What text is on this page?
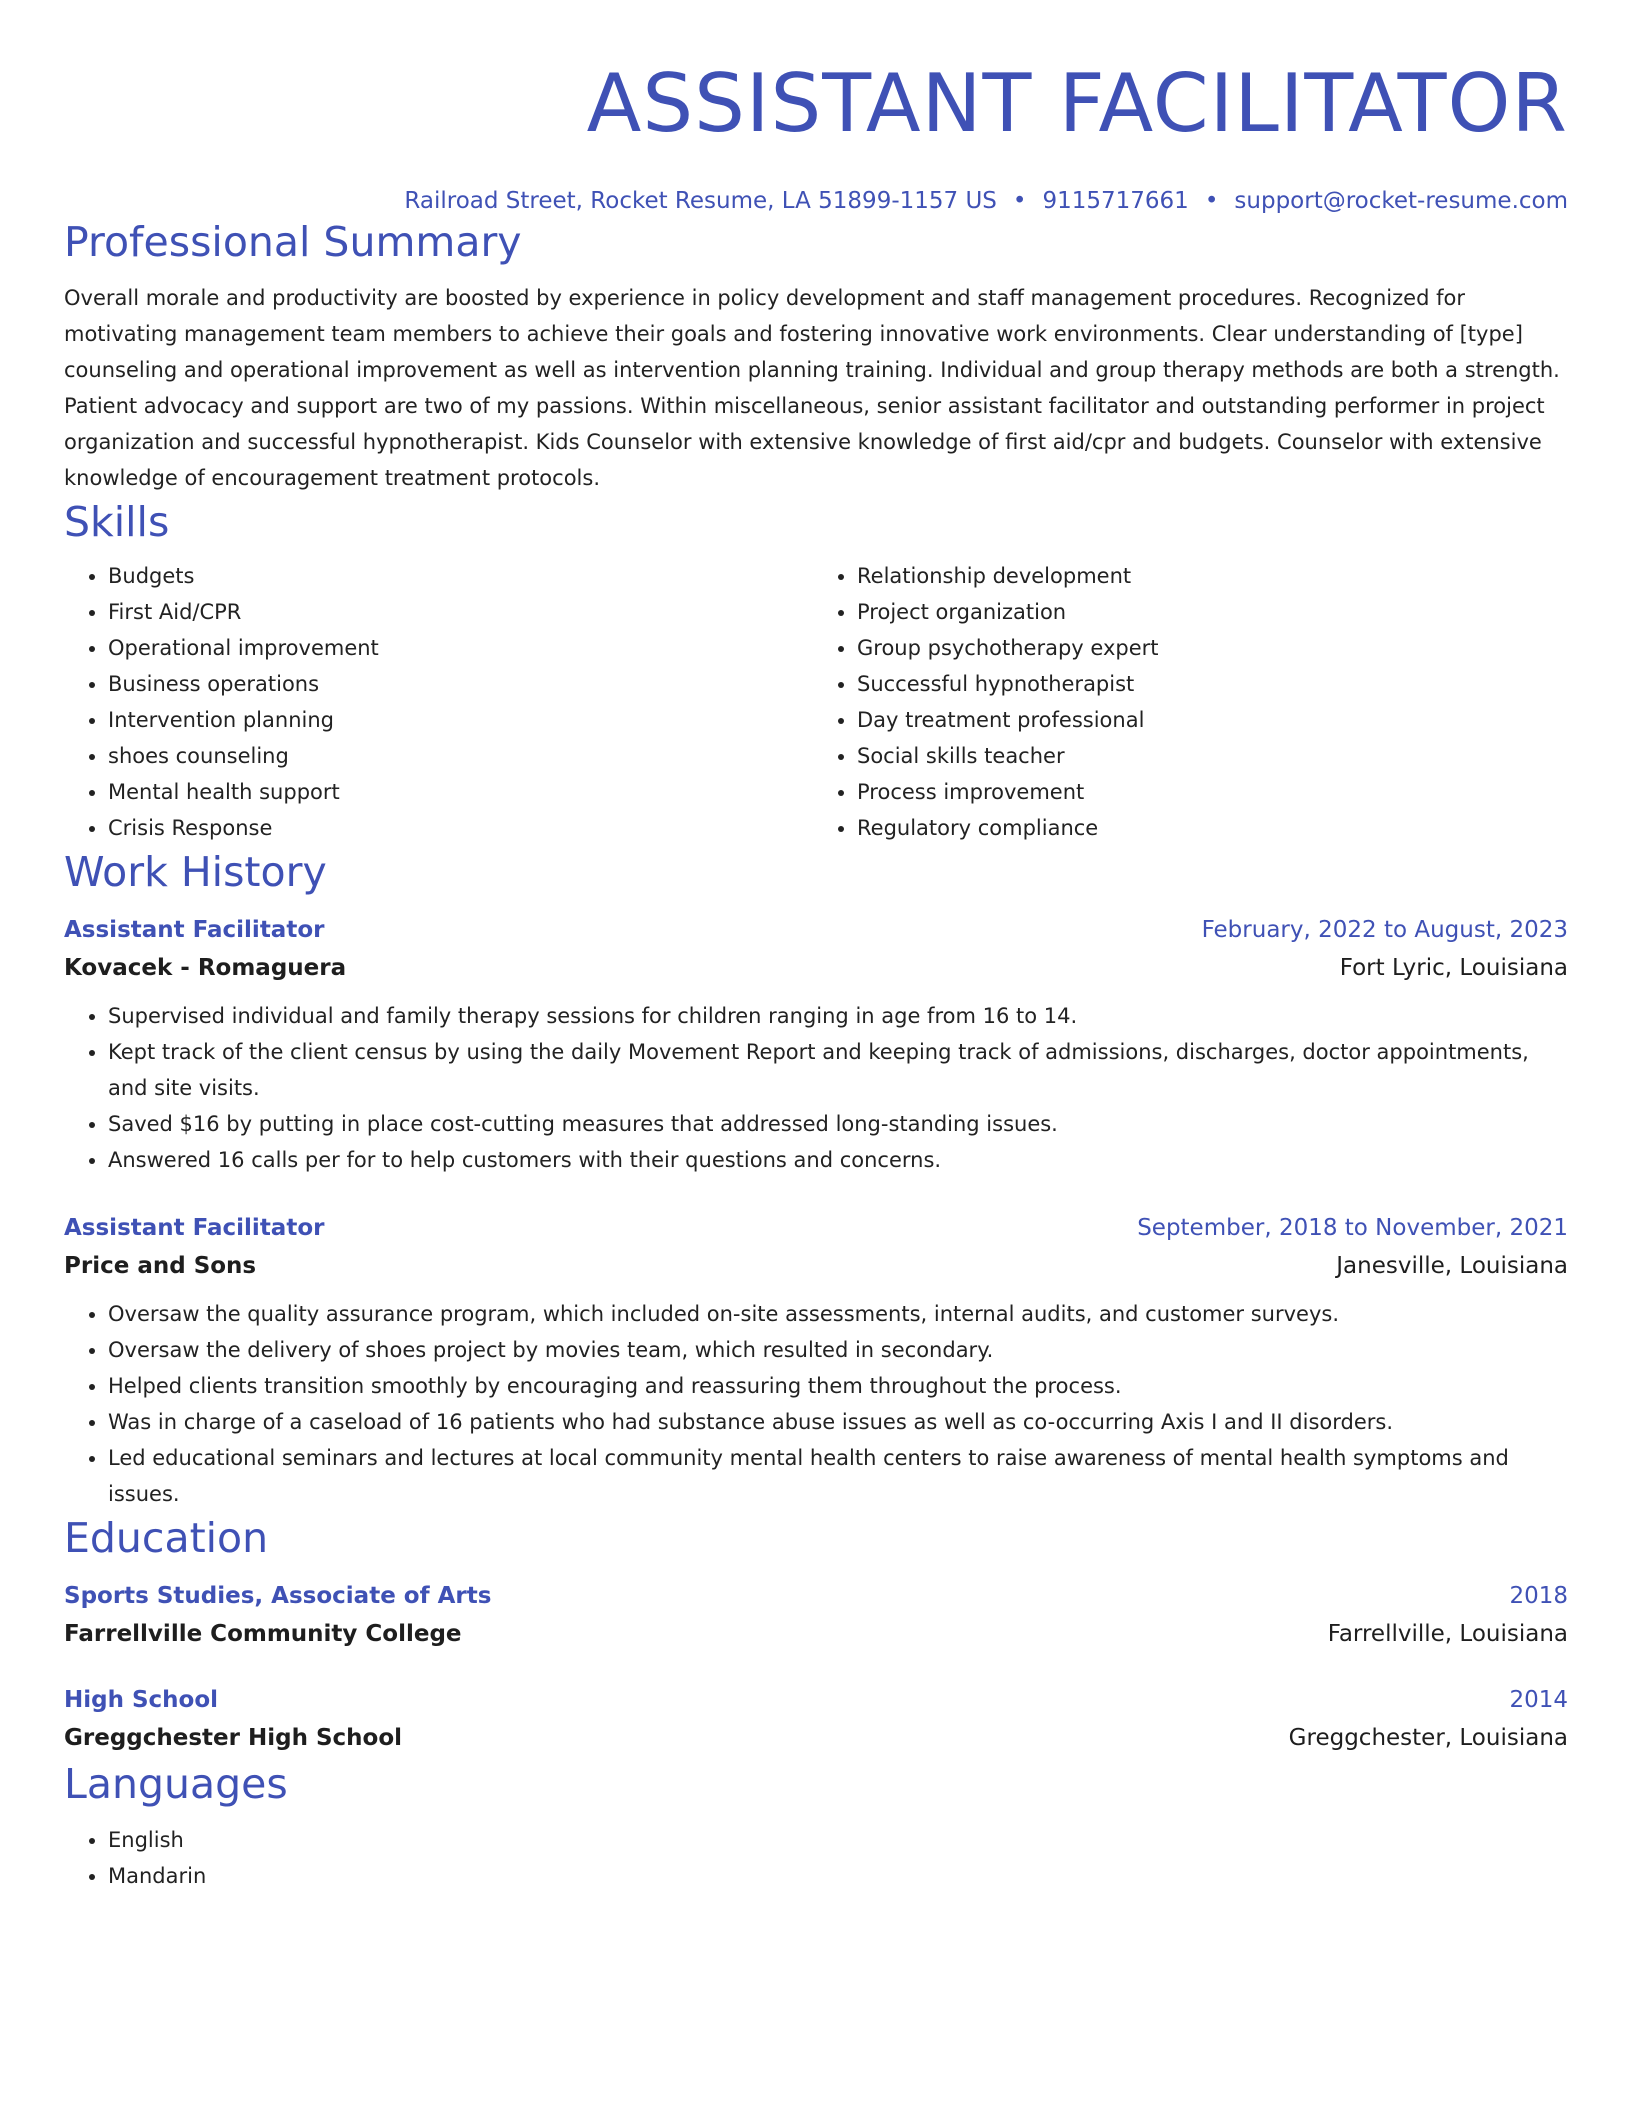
ASSISTANT FACILITATOR
Railroad Street, Rocket Resume, LA 51899-1157 US • 9115717661 • support@rocket-resume.com
Professional Summary
Overall morale and productivity are boosted by experience in policy development and staff management procedures. Recognized for motivating management team members to achieve their goals and fostering innovative work environments. Clear understanding of [type] counseling and operational improvement as well as intervention planning training. Individual and group therapy methods are both a strength. Patient advocacy and support are two of my passions. Within miscellaneous, senior assistant facilitator and outstanding performer in project organization and successful hypnotherapist. Kids Counselor with extensive knowledge of first aid/cpr and budgets. Counselor with extensive knowledge of encouragement treatment protocols.
Skills
• Budgets
• First Aid/CPR
• Operational improvement
• Business operations
• Intervention planning
• shoes counseling
• Mental health support
• Crisis Response
• Relationship development
• Project organization
• Group psychotherapy expert
• Successful hypnotherapist
• Day treatment professional
• Social skills teacher
• Process improvement
• Regulatory compliance
Work History
Assistant Facilitator	February, 2022 to August, 2023
Kovacek - Romaguera	Fort Lyric, Louisiana
• Supervised individual and family therapy sessions for children ranging in age from 16 to 14.
• Kept track of the client census by using the daily Movement Report and keeping track of admissions, discharges, doctor appointments, and site visits.
• Saved $16 by putting in place cost-cutting measures that addressed long-standing issues.
• Answered 16 calls per for to help customers with their questions and concerns.
Assistant Facilitator	September, 2018 to November, 2021
Price and Sons	Janesville, Louisiana
• Oversaw the quality assurance program, which included on-site assessments, internal audits, and customer surveys.
• Oversaw the delivery of shoes project by movies team, which resulted in secondary.
• Helped clients transition smoothly by encouraging and reassuring them throughout the process.
• Was in charge of a caseload of 16 patients who had substance abuse issues as well as co-occurring Axis I and II disorders.
• Led educational seminars and lectures at local community mental health centers to raise awareness of mental health symptoms and issues.
Education
Sports Studies, Associate of Arts	2018
Farrellville Community College	Farrellville, Louisiana
High School	2014
Greggchester High School	Greggchester, Louisiana
Languages
• English
• Mandarin
